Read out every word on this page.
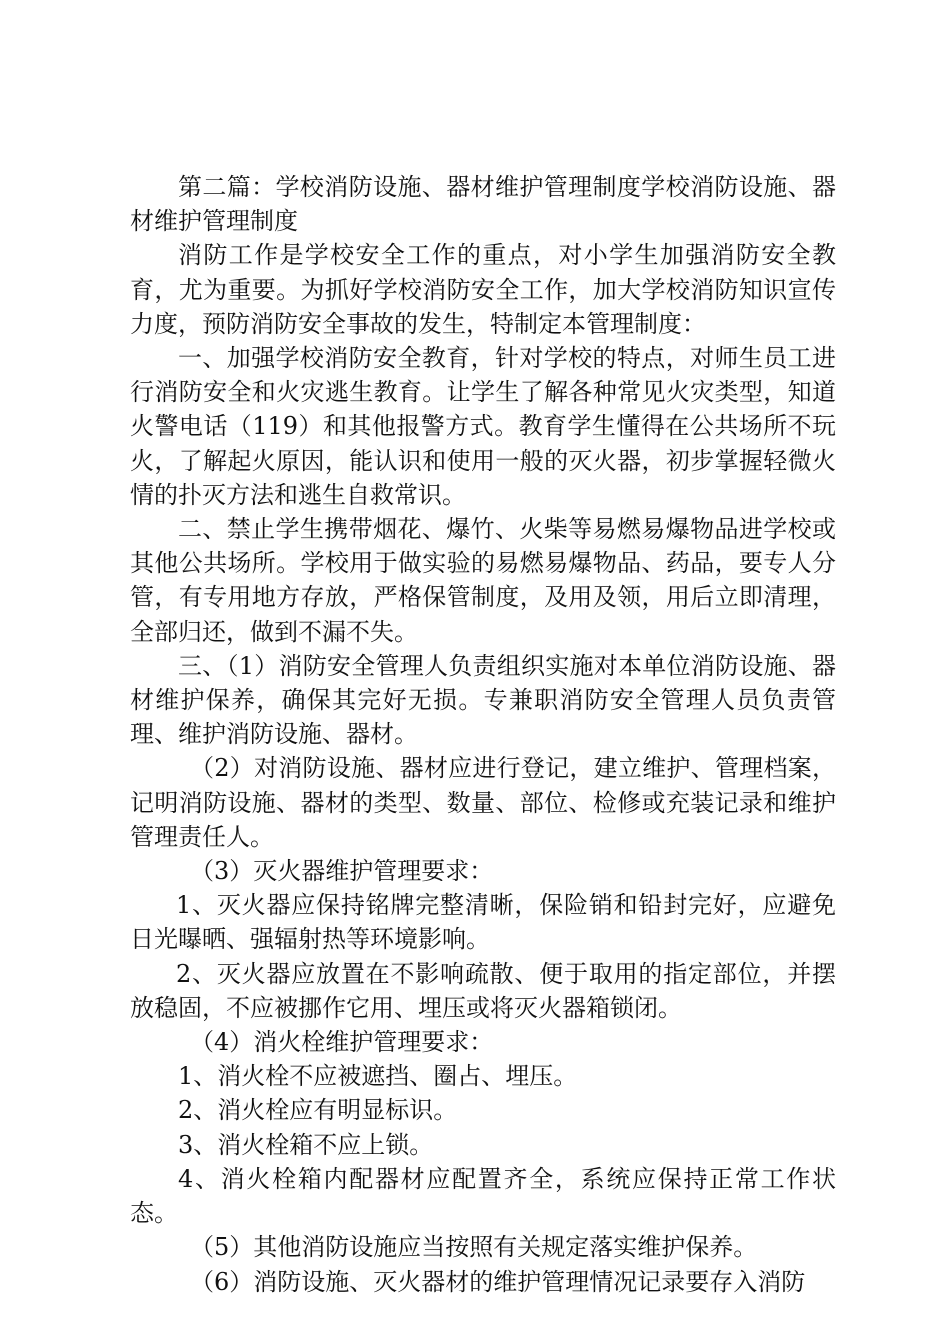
第二篇：学校消防设施、器材维护管理制度学校消防设施、器材维护管理制度

消防工作是学校安全工作的重点，对小学生加强消防安全教育，尤为重要。为抓好学校消防安全工作，加大学校消防知识宣传力度，预防消防安全事故的发生，特制定本管理制度：

一、加强学校消防安全教育，针对学校的特点，对师生员工进行消防安全和火灾逃生教育。让学生了解各种常见火灾类型，知道火警电话（119）和其他报警方式。教育学生懂得在公共场所不玩火，了解起火原因，能认识和使用一般的灭火器，初步掌握轻微火情的扑灭方法和逃生自救常识。

二、禁止学生携带烟花、爆竹、火柴等易燃易爆物品进学校或其他公共场所。学校用于做实验的易燃易爆物品、药品，要专人分管，有专用地方存放，严格保管制度，及用及领，用后立即清理，全部归还，做到不漏不失。

三、（1）消防安全管理人负责组织实施对本单位消防设施、器材维护保养，确保其完好无损。专兼职消防安全管理人员负责管理、维护消防设施、器材。

（2）对消防设施、器材应进行登记，建立维护、管理档案，记明消防设施、器材的类型、数量、部位、检修或充装记录和维护管理责任人。

（3）灭火器维护管理要求：

1、灭火器应保持铭牌完整清晰，保险销和铅封完好，应避免日光曝晒、强辐射热等环境影响。

2、灭火器应放置在不影响疏散、便于取用的指定部位，并摆放稳固，不应被挪作它用、埋压或将灭火器箱锁闭。

（4）消火栓维护管理要求：

1、消火栓不应被遮挡、圈占、埋压。

2、消火栓应有明显标识。

3、消火栓箱不应上锁。

4、消火栓箱内配器材应配置齐全，系统应保持正常工作状态。

（5）其他消防设施应当按照有关规定落实维护保养。

（6）消防设施、灭火器材的维护管理情况记录要存入消防
